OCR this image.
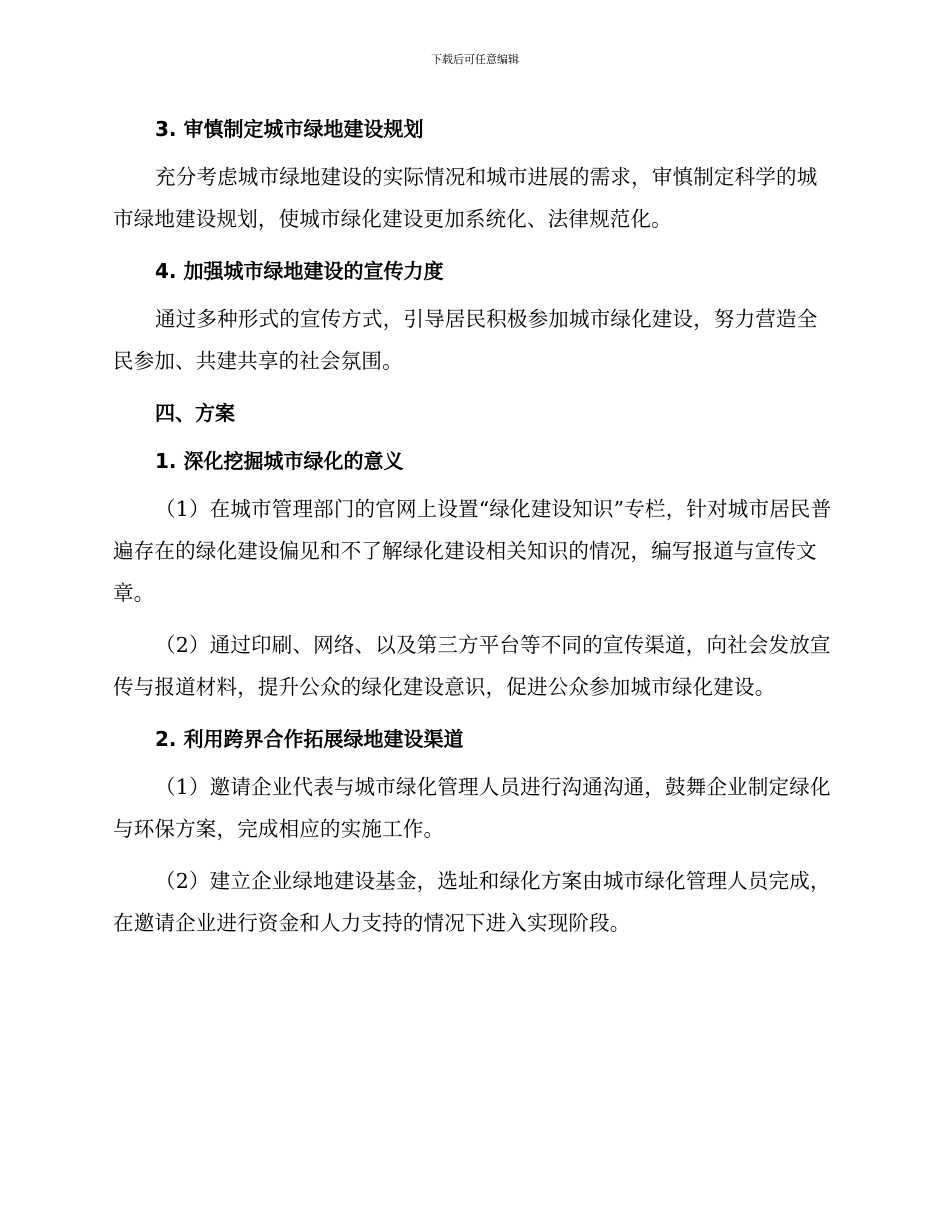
下载后可任意编辑

3. 审慎制定城市绿地建设规划

充分考虑城市绿地建设的实际情况和城市进展的需求，审慎制定科学的城市绿地建设规划，使城市绿化建设更加系统化、法律规范化。

4. 加强城市绿地建设的宣传力度

通过多种形式的宣传方式，引导居民积极参加城市绿化建设，努力营造全民参加、共建共享的社会氛围。

四、方案

1. 深化挖掘城市绿化的意义

（1）在城市管理部门的官网上设置“绿化建设知识”专栏，针对城市居民普遍存在的绿化建设偏见和不了解绿化建设相关知识的情况，编写报道与宣传文章。

（2）通过印刷、网络、以及第三方平台等不同的宣传渠道，向社会发放宣传与报道材料，提升公众的绿化建设意识，促进公众参加城市绿化建设。

2. 利用跨界合作拓展绿地建设渠道

（1）邀请企业代表与城市绿化管理人员进行沟通沟通，鼓舞企业制定绿化与环保方案，完成相应的实施工作。

（2）建立企业绿地建设基金，选址和绿化方案由城市绿化管理人员完成，在邀请企业进行资金和人力支持的情况下进入实现阶段。
